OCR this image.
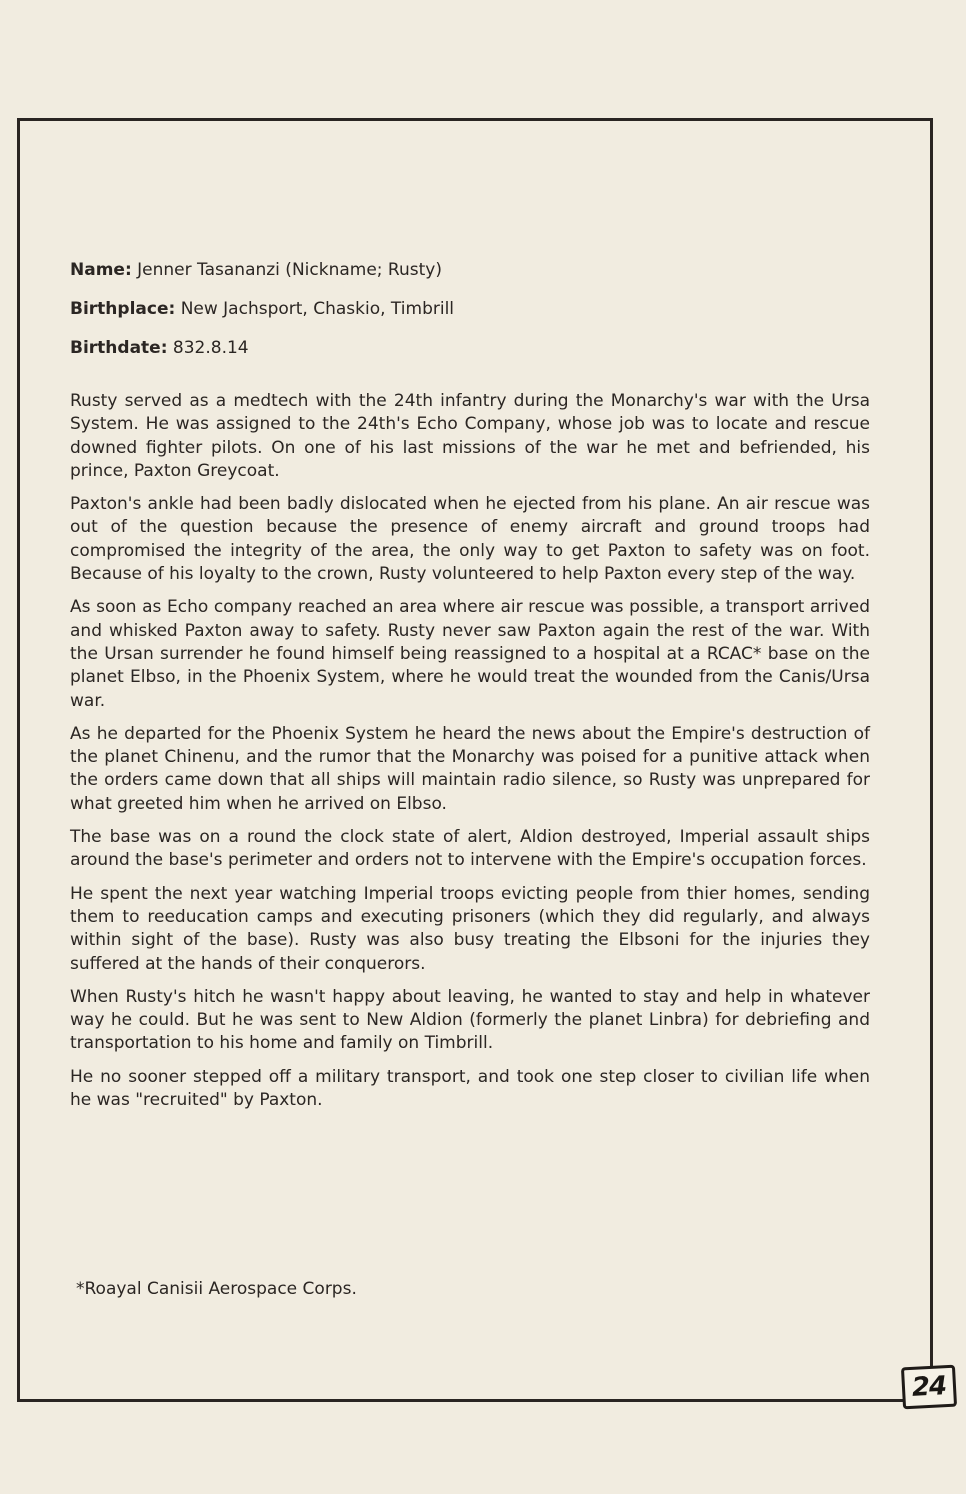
Name: Jenner Tasananzi (Nickname; Rusty)
Birthplace: New Jachsport, Chaskio, Timbrill
Birthdate: 832.8.14

Rusty served as a medtech with the 24th infantry during the Monarchy's war with the Ursa System. He was assigned to the 24th's Echo Company, whose job was to locate and rescue downed fighter pilots. On one of his last missions of the war he met and befriended, his prince, Paxton Greycoat.

Paxton's ankle had been badly dislocated when he ejected from his plane. An air rescue was out of the question because the presence of enemy aircraft and ground troops had compromised the integrity of the area, the only way to get Paxton to safety was on foot. Because of his loyalty to the crown, Rusty volunteered to help Paxton every step of the way.

As soon as Echo company reached an area where air rescue was possible, a transport arrived and whisked Paxton away to safety. Rusty never saw Paxton again the rest of the war. With the Ursan surrender he found himself being reassigned to a hospital at a RCAC* base on the planet Elbso, in the Phoenix System, where he would treat the wounded from the Canis/Ursa war.

As he departed for the Phoenix System he heard the news about the Empire's destruction of the planet Chinenu, and the rumor that the Monarchy was poised for a punitive attack when the orders came down that all ships will maintain radio silence, so Rusty was unprepared for what greeted him when he arrived on Elbso.

The base was on a round the clock state of alert, Aldion destroyed, Imperial assault ships around the base's perimeter and orders not to intervene with the Empire's occupation forces.

He spent the next year watching Imperial troops evicting people from thier homes, sending them to reeducation camps and executing prisoners (which they did regularly, and always within sight of the base). Rusty was also busy treating the Elbsoni for the injuries they suffered at the hands of their conquerors.

When Rusty's hitch he wasn't happy about leaving, he wanted to stay and help in whatever way he could. But he was sent to New Aldion (formerly the planet Linbra) for debriefing and transportation to his home and family on Timbrill.

He no sooner stepped off a military transport, and took one step closer to civilian life when he was "recruited" by Paxton.

*Roayal Canisii Aerospace Corps.
24
